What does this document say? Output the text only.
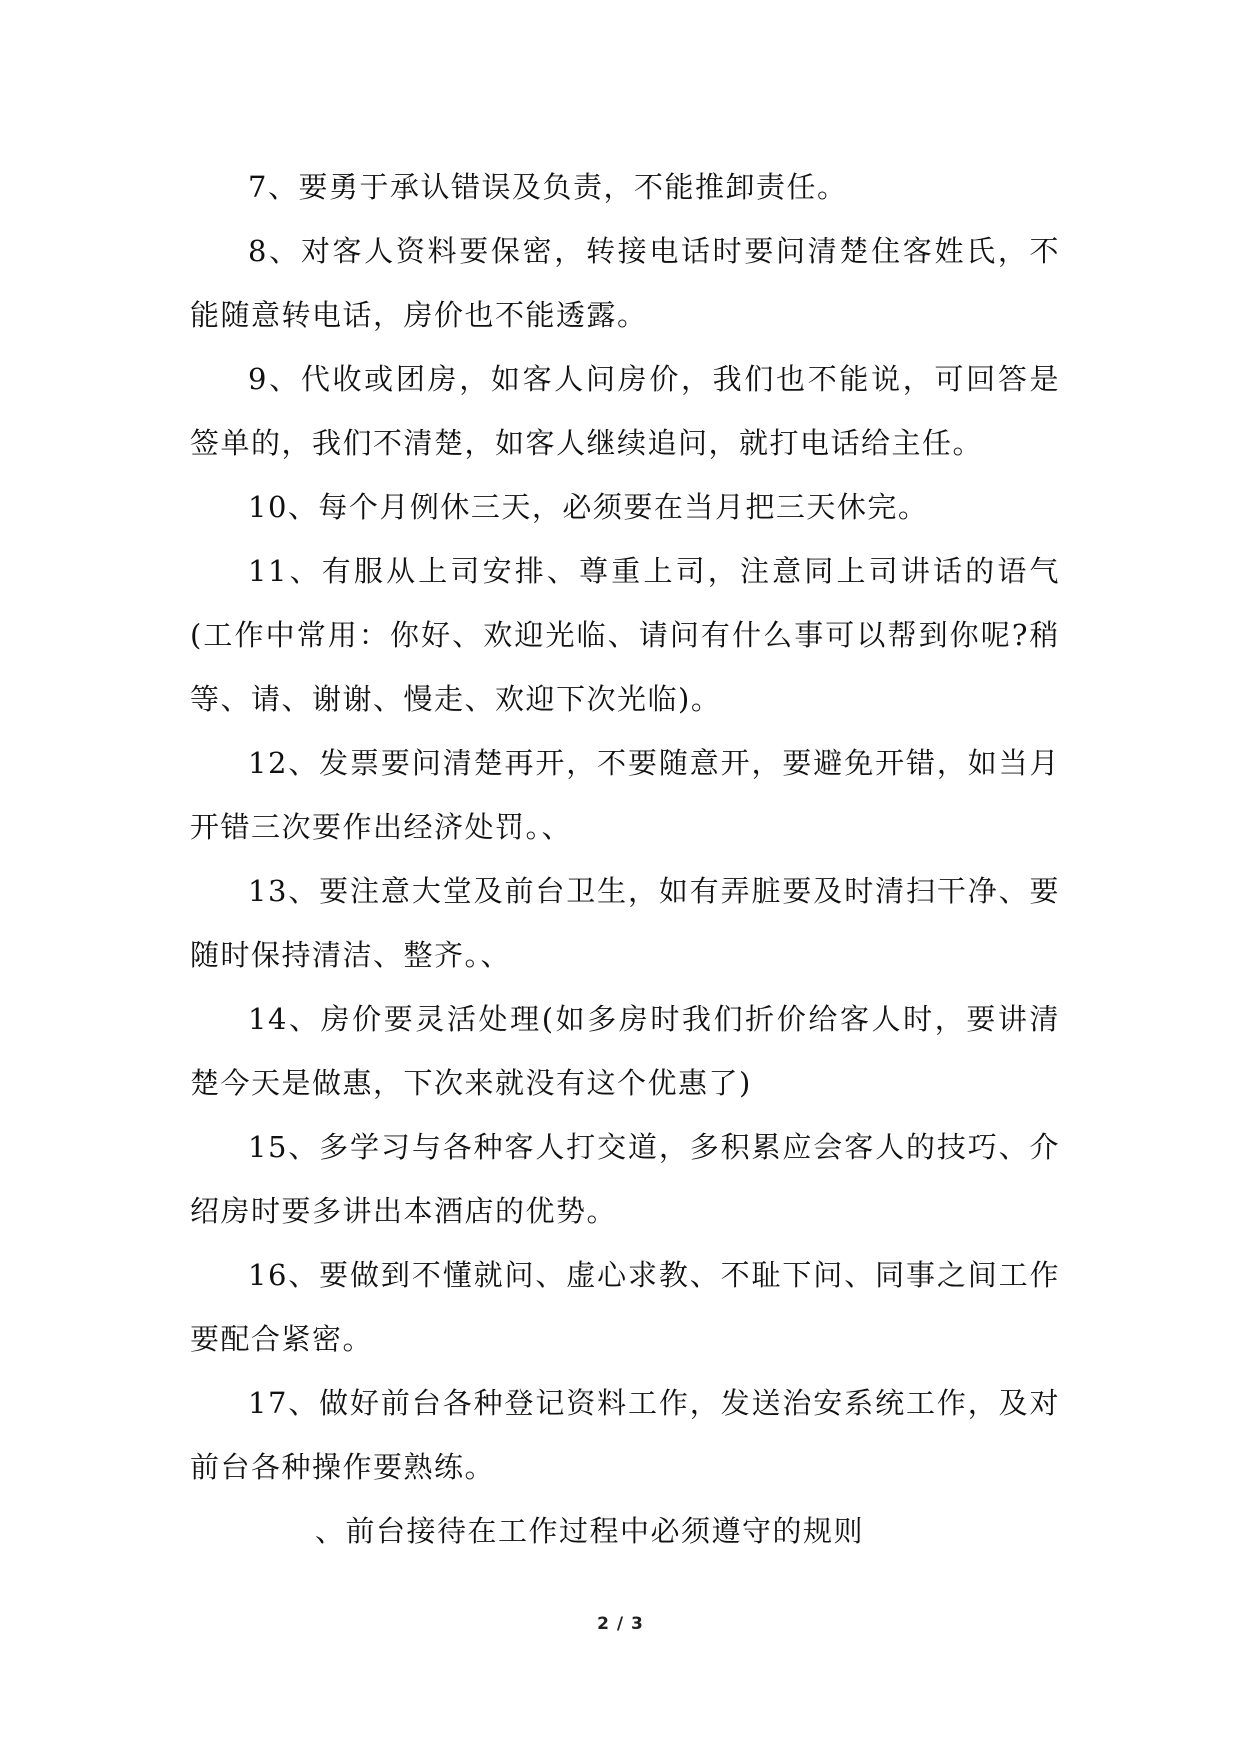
7、要勇于承认错误及负责，不能推卸责任。

8、对客人资料要保密，转接电话时要问清楚住客姓氏，不能随意转电话，房价也不能透露。

9、代收或团房，如客人问房价，我们也不能说，可回答是签单的，我们不清楚，如客人继续追问，就打电话给主任。

10、每个月例休三天，必须要在当月把三天休完。

11、有服从上司安排、尊重上司，注意同上司讲话的语气(工作中常用：你好、欢迎光临、请问有什么事可以帮到你呢?稍等、请、谢谢、慢走、欢迎下次光临)。

12、发票要问清楚再开，不要随意开，要避免开错，如当月开错三次要作出经济处罚。、

13、要注意大堂及前台卫生，如有弄脏要及时清扫干净、要随时保持清洁、整齐。、

14、房价要灵活处理(如多房时我们折价给客人时，要讲清楚今天是做惠，下次来就没有这个优惠了)

15、多学习与各种客人打交道，多积累应会客人的技巧、介绍房时要多讲出本酒店的优势。

16、要做到不懂就问、虚心求教、不耻下问、同事之间工作要配合紧密。

17、做好前台各种登记资料工作，发送治安系统工作，及对前台各种操作要熟练。

、前台接待在工作过程中必须遵守的规则

2 / 3
